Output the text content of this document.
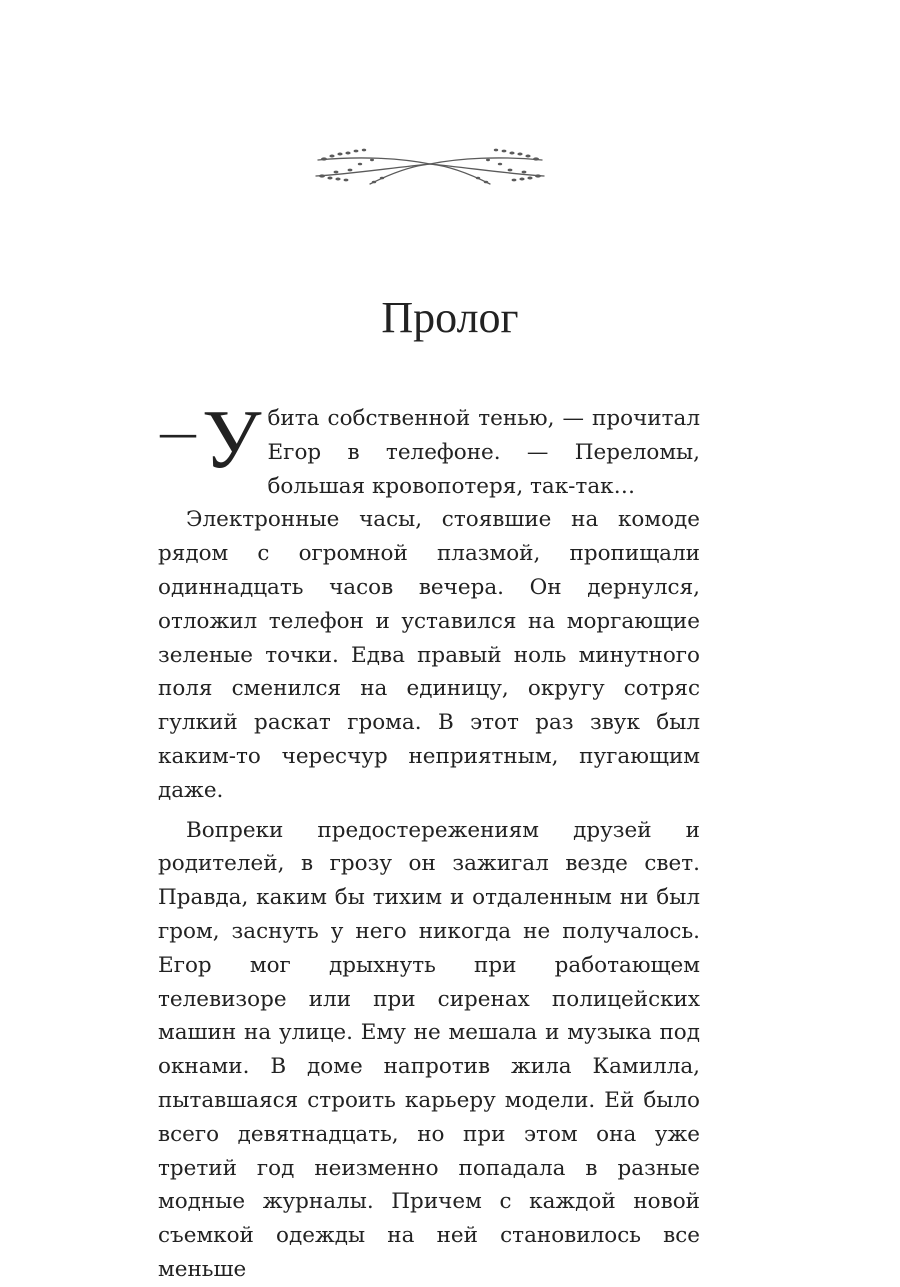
Пролог

— У бита собственной тенью, — прочитал Егор в телефоне. — Переломы, большая кровопотеря, так-так…

Электронные часы, стоявшие на комоде рядом с огромной плазмой, пропищали одиннадцать часов вечера. Он дернулся, отложил телефон и уставился на моргающие зеленые точки. Едва правый ноль минутного поля сменился на единицу, округу сотряс гулкий раскат грома. В этот раз звук был каким-то чересчур неприятным, пугающим даже.

Вопреки предостережениям друзей и родителей, в грозу он зажигал везде свет. Правда, каким бы тихим и отдаленным ни был гром, заснуть у него никогда не получалось. Егор мог дрыхнуть при работающем телевизоре или при сиренах полицейских машин на улице. Ему не мешала и музыка под окнами. В доме напротив жила Камилла, пытавшаяся строить карьеру модели. Ей было всего девятнадцать, но при этом она уже третий год неизменно попадала в разные модные журналы. Причем с каждой новой съемкой одежды на ней становилось все меньше
